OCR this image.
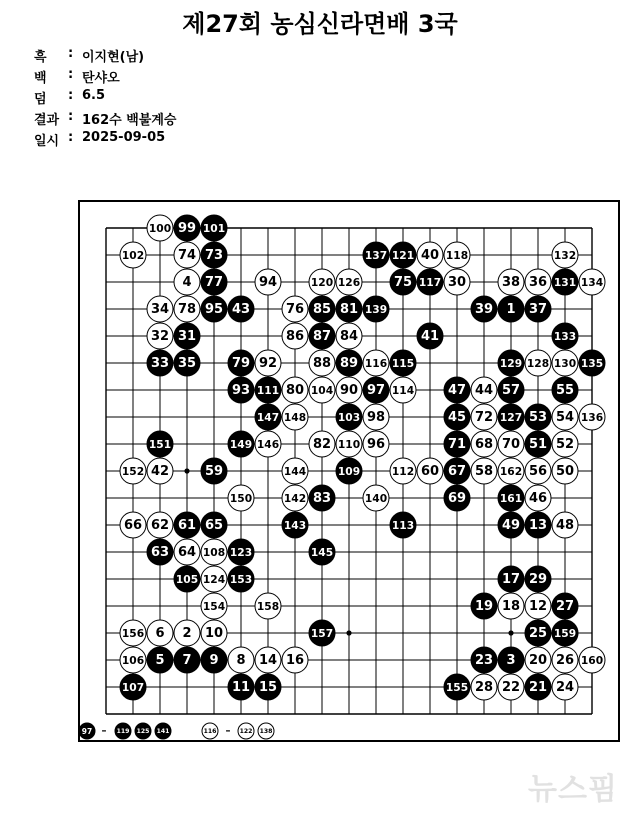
제27회 농심신라면배 3국
흑 : 이지현(남)
백 : 탄샤오
덤 : 6.5
결과 : 162수 백불계승
일시 : 2025-09-05
99 101
73	137 121
77	75 117	131
95 43	85 81 139	39 1 37
31	87	41	133
33 35	79	89	115	129	135
93 111	97	47	57	55
147	103	45	127 53
151	149	71	51
59	109	67
83	69	161
61 65	143	113	49 13
63	123	145
105	153	17 29
19	27
157	25 159
5 7 9	23 3
107	11 15	155	21
100
102	74	40 118	132
4	94	120 126	30	38 36	134
34 78	76
32	86	84
92	88	116	128 130
80 104 90	114	44
148	98	72	54 136
146	82 110 96	68 70	52
152 42	144	112 60	58 162 56 50
150	142	140	46
66 62	48
64 108
124
154	158	18 12
156 6 2 10
106	8 14 16	20 26 160
28 22	24
97 – 119 125 141	116 – 122 138
뉴스핌
